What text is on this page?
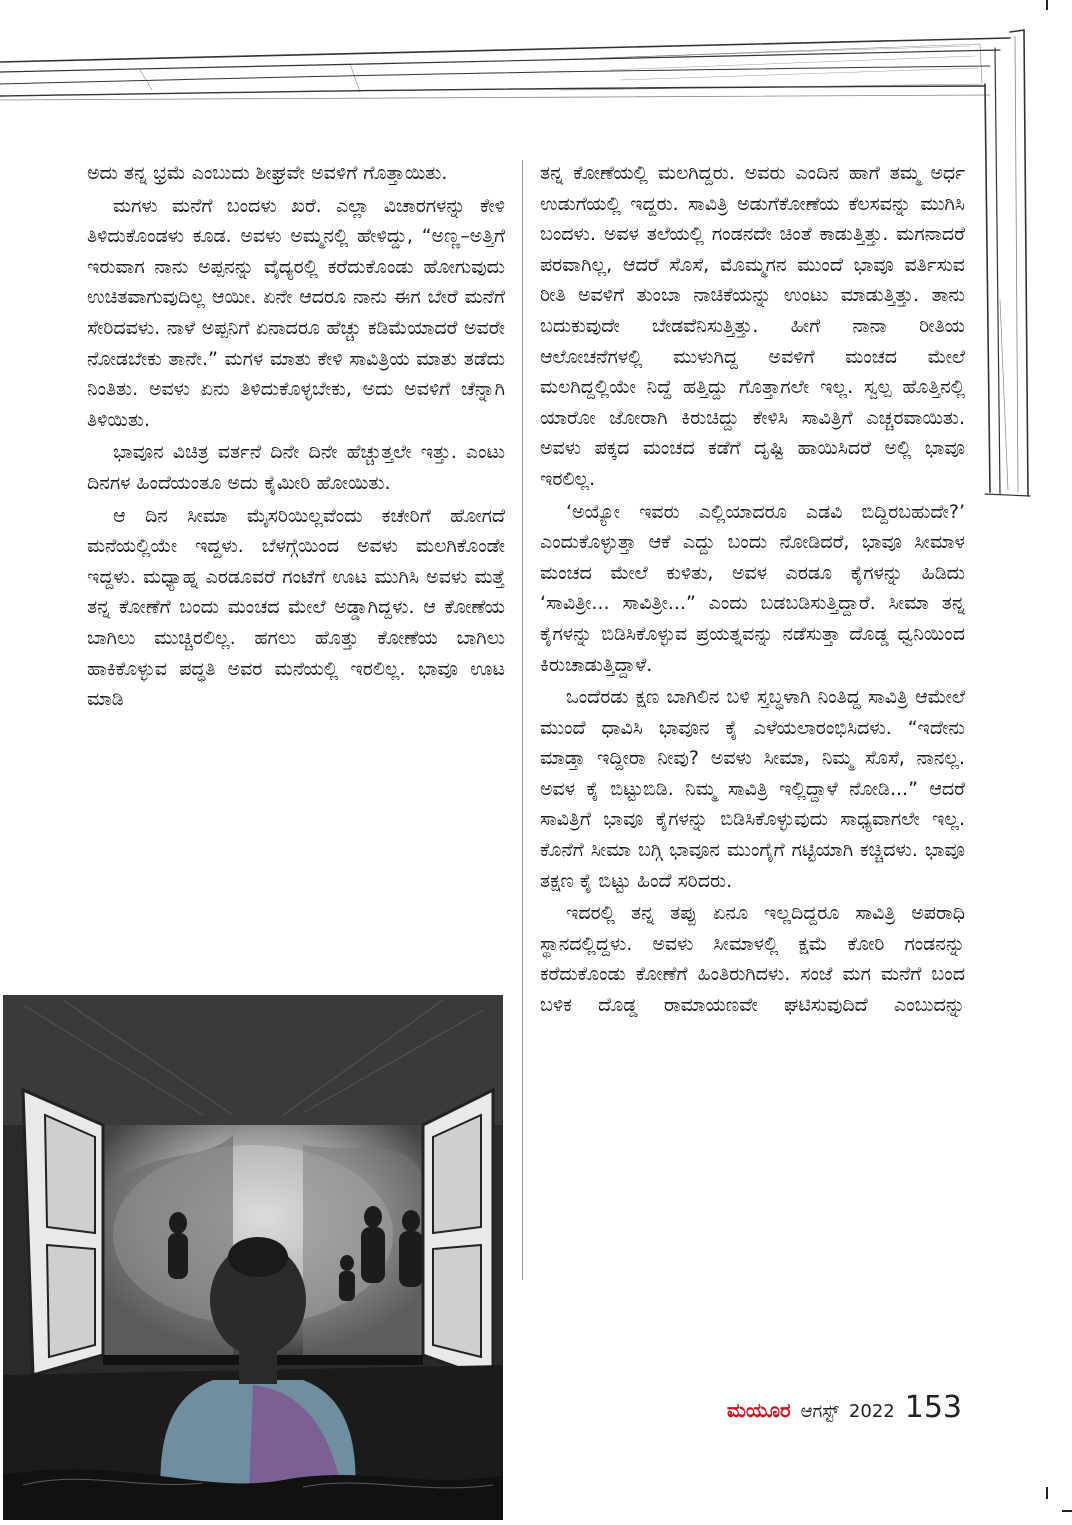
ಅದು ತನ್ನ ಭ್ರಮೆ ಎಂಬುದು ಶೀಘ್ರವೇ ಅವಳಿಗೆ ಗೊತ್ತಾಯಿತು.

ಮಗಳು ಮನೆಗೆ ಬಂದಳು ಖರೆ. ಎಲ್ಲಾ ವಿಚಾರಗಳನ್ನು ಕೇಳಿ ತಿಳಿದುಕೊಂಡಳು ಕೂಡ. ಅವಳು ಅಮ್ಮನಲ್ಲಿ ಹೇಳಿದ್ದು, “ಅಣ್ಣ–ಅತ್ತಿಗೆ ಇರುವಾಗ ನಾನು ಅಪ್ಪನನ್ನು ವೈದ್ಯರಲ್ಲಿ ಕರೆದುಕೊಂಡು ಹೋಗುವುದು ಉಚಿತವಾಗುವುದಿಲ್ಲ ಆಯೀ. ಏನೇ ಆದರೂ ನಾನು ಈಗ ಬೇರೆ ಮನೆಗೆ ಸೇರಿದವಳು. ನಾಳೆ ಅಪ್ಪನಿಗೆ ಏನಾದರೂ ಹೆಚ್ಚು ಕಡಿಮೆಯಾದರೆ ಅವರೇ ನೋಡಬೇಕು ತಾನೇ.” ಮಗಳ ಮಾತು ಕೇಳಿ ಸಾವಿತ್ರಿಯ ಮಾತು ತಡೆದು ನಿಂತಿತು. ಅವಳು ಏನು ತಿಳಿದುಕೊಳ್ಳಬೇಕು, ಅದು ಅವಳಿಗೆ ಚೆನ್ನಾಗಿ ತಿಳಿಯಿತು.

ಭಾವೂನ ವಿಚಿತ್ರ ವರ್ತನೆ ದಿನೇ ದಿನೇ ಹೆಚ್ಚುತ್ತಲೇ ಇತ್ತು. ಎಂಟು ದಿನಗಳ ಹಿಂದೆಯಂತೂ ಅದು ಕೈಮೀರಿ ಹೋಯಿತು.

ಆ ದಿನ ಸೀಮಾ ಮೈಸರಿಯಿಲ್ಲವೆಂದು ಕಚೇರಿಗೆ ಹೋಗದೆ ಮನೆಯಲ್ಲಿಯೇ ಇದ್ದಳು. ಬೆಳಗ್ಗೆಯಿಂದ ಅವಳು ಮಲಗಿಕೊಂಡೇ ಇದ್ದಳು. ಮಧ್ಯಾಹ್ನ ಎರಡೂವರೆ ಗಂಟೆಗೆ ಊಟ ಮುಗಿಸಿ ಅವಳು ಮತ್ತೆ ತನ್ನ ಕೋಣೆಗೆ ಬಂದು ಮಂಚದ ಮೇಲೆ ಅಡ್ಡಾಗಿದ್ದಳು. ಆ ಕೋಣೆಯ ಬಾಗಿಲು ಮುಚ್ಚಿರಲಿಲ್ಲ. ಹಗಲು ಹೊತ್ತು ಕೋಣೆಯ ಬಾಗಿಲು ಹಾಕಿಕೊಳ್ಳುವ ಪದ್ಧತಿ ಅವರ ಮನೆಯಲ್ಲಿ ಇರಲಿಲ್ಲ. ಭಾವೂ ಊಟ ಮಾಡಿ

ತನ್ನ ಕೋಣೆಯಲ್ಲಿ ಮಲಗಿದ್ದರು. ಅವರು ಎಂದಿನ ಹಾಗೆ ತಮ್ಮ ಅರ್ಧ ಉಡುಗೆಯಲ್ಲಿ ಇದ್ದರು. ಸಾವಿತ್ರಿ ಅಡುಗೆಕೋಣೆಯ ಕೆಲಸವನ್ನು ಮುಗಿಸಿ ಬಂದಳು. ಅವಳ ತಲೆಯಲ್ಲಿ ಗಂಡನದೇ ಚಿಂತೆ ಕಾಡುತ್ತಿತ್ತು. ಮಗನಾದರೆ ಪರವಾಗಿಲ್ಲ, ಆದರೆ ಸೊಸೆ, ಮೊಮ್ಮಗನ ಮುಂದೆ ಭಾವೂ ವರ್ತಿಸುವ ರೀತಿ ಅವಳಿಗೆ ತುಂಬಾ ನಾಚಿಕೆಯನ್ನು ಉಂಟು ಮಾಡುತ್ತಿತ್ತು. ತಾನು ಬದುಕುವುದೇ ಬೇಡವೆನಿಸುತ್ತಿತ್ತು. ಹೀಗೆ ನಾನಾ ರೀತಿಯ ಆಲೋಚನೆಗಳಲ್ಲಿ ಮುಳುಗಿದ್ದ ಅವಳಿಗೆ ಮಂಚದ ಮೇಲೆ ಮಲಗಿದ್ದಲ್ಲಿಯೇ ನಿದ್ದೆ ಹತ್ತಿದ್ದು ಗೊತ್ತಾಗಲೇ ಇಲ್ಲ. ಸ್ವಲ್ಪ ಹೊತ್ತಿನಲ್ಲಿ ಯಾರೋ ಜೋರಾಗಿ ಕಿರುಚಿದ್ದು ಕೇಳಿಸಿ ಸಾವಿತ್ರಿಗೆ ಎಚ್ಚರವಾಯಿತು. ಅವಳು ಪಕ್ಕದ ಮಂಚದ ಕಡೆಗೆ ದೃಷ್ಟಿ ಹಾಯಿಸಿದರೆ ಅಲ್ಲಿ ಭಾವೂ ಇರಲಿಲ್ಲ.

‘ಅಯ್ಯೋ ಇವರು ಎಲ್ಲಿಯಾದರೂ ಎಡವಿ ಬಿದ್ದಿರಬಹುದೇ?’ ಎಂದುಕೊಳ್ಳುತ್ತಾ ಆಕೆ ಎದ್ದು ಬಂದು ನೋಡಿದರೆ, ಭಾವೂ ಸೀಮಾಳ ಮಂಚದ ಮೇಲೆ ಕುಳಿತು, ಅವಳ ಎರಡೂ ಕೈಗಳನ್ನು ಹಿಡಿದು ‘ಸಾವಿತ್ರೀ... ಸಾವಿತ್ರೀ...” ಎಂದು ಬಡಬಡಿಸುತ್ತಿದ್ದಾರೆ. ಸೀಮಾ ತನ್ನ ಕೈಗಳನ್ನು ಬಿಡಿಸಿಕೊಳ್ಳುವ ಪ್ರಯತ್ನವನ್ನು ನಡೆಸುತ್ತಾ ದೊಡ್ಡ ಧ್ವನಿಯಿಂದ ಕಿರುಚಾಡುತ್ತಿದ್ದಾಳೆ.

ಒಂದೆರಡು ಕ್ಷಣ ಬಾಗಿಲಿನ ಬಳಿ ಸ್ತಬ್ಧಳಾಗಿ ನಿಂತಿದ್ದ ಸಾವಿತ್ರಿ ಆಮೇಲೆ ಮುಂದೆ ಧಾವಿಸಿ ಭಾವೂನ ಕೈ ಎಳೆಯಲಾರಂಭಿಸಿದಳು. “ಇದೇನು ಮಾಡ್ತಾ ಇದ್ದೀರಾ ನೀವು? ಅವಳು ಸೀಮಾ, ನಿಮ್ಮ ಸೊಸೆ, ನಾನಲ್ಲ. ಅವಳ ಕೈ ಬಿಟ್ಟುಬಿಡಿ. ನಿಮ್ಮ ಸಾವಿತ್ರಿ ಇಲ್ಲಿದ್ದಾಳೆ ನೋಡಿ...” ಆದರೆ ಸಾವಿತ್ರಿಗೆ ಭಾವೂ ಕೈಗಳನ್ನು ಬಿಡಿಸಿಕೊಳ್ಳುವುದು ಸಾಧ್ಯವಾಗಲೇ ಇಲ್ಲ. ಕೊನೆಗೆ ಸೀಮಾ ಬಗ್ಗಿ ಭಾವೂನ ಮುಂಗೈಗೆ ಗಟ್ಟಿಯಾಗಿ ಕಚ್ಚಿದಳು. ಭಾವೂ ತಕ್ಷಣ ಕೈ ಬಿಟ್ಟು ಹಿಂದೆ ಸರಿದರು.

ಇದರಲ್ಲಿ ತನ್ನ ತಪ್ಪು ಏನೂ ಇಲ್ಲದಿದ್ದರೂ ಸಾವಿತ್ರಿ ಅಪರಾಧಿ ಸ್ಥಾನದಲ್ಲಿದ್ದಳು. ಅವಳು ಸೀಮಾಳಲ್ಲಿ ಕ್ಷಮೆ ಕೋರಿ ಗಂಡನನ್ನು ಕರೆದುಕೊಂಡು ಕೋಣೆಗೆ ಹಿಂತಿರುಗಿದಳು. ಸಂಜೆ ಮಗ ಮನೆಗೆ ಬಂದ ಬಳಿಕ ದೊಡ್ಡ ರಾಮಾಯಣವೇ ಘಟಿಸುವುದಿದೆ ಎಂಬುದನ್ನು

ಮಯೂರ ಆಗಸ್ಟ್ 2022 153
